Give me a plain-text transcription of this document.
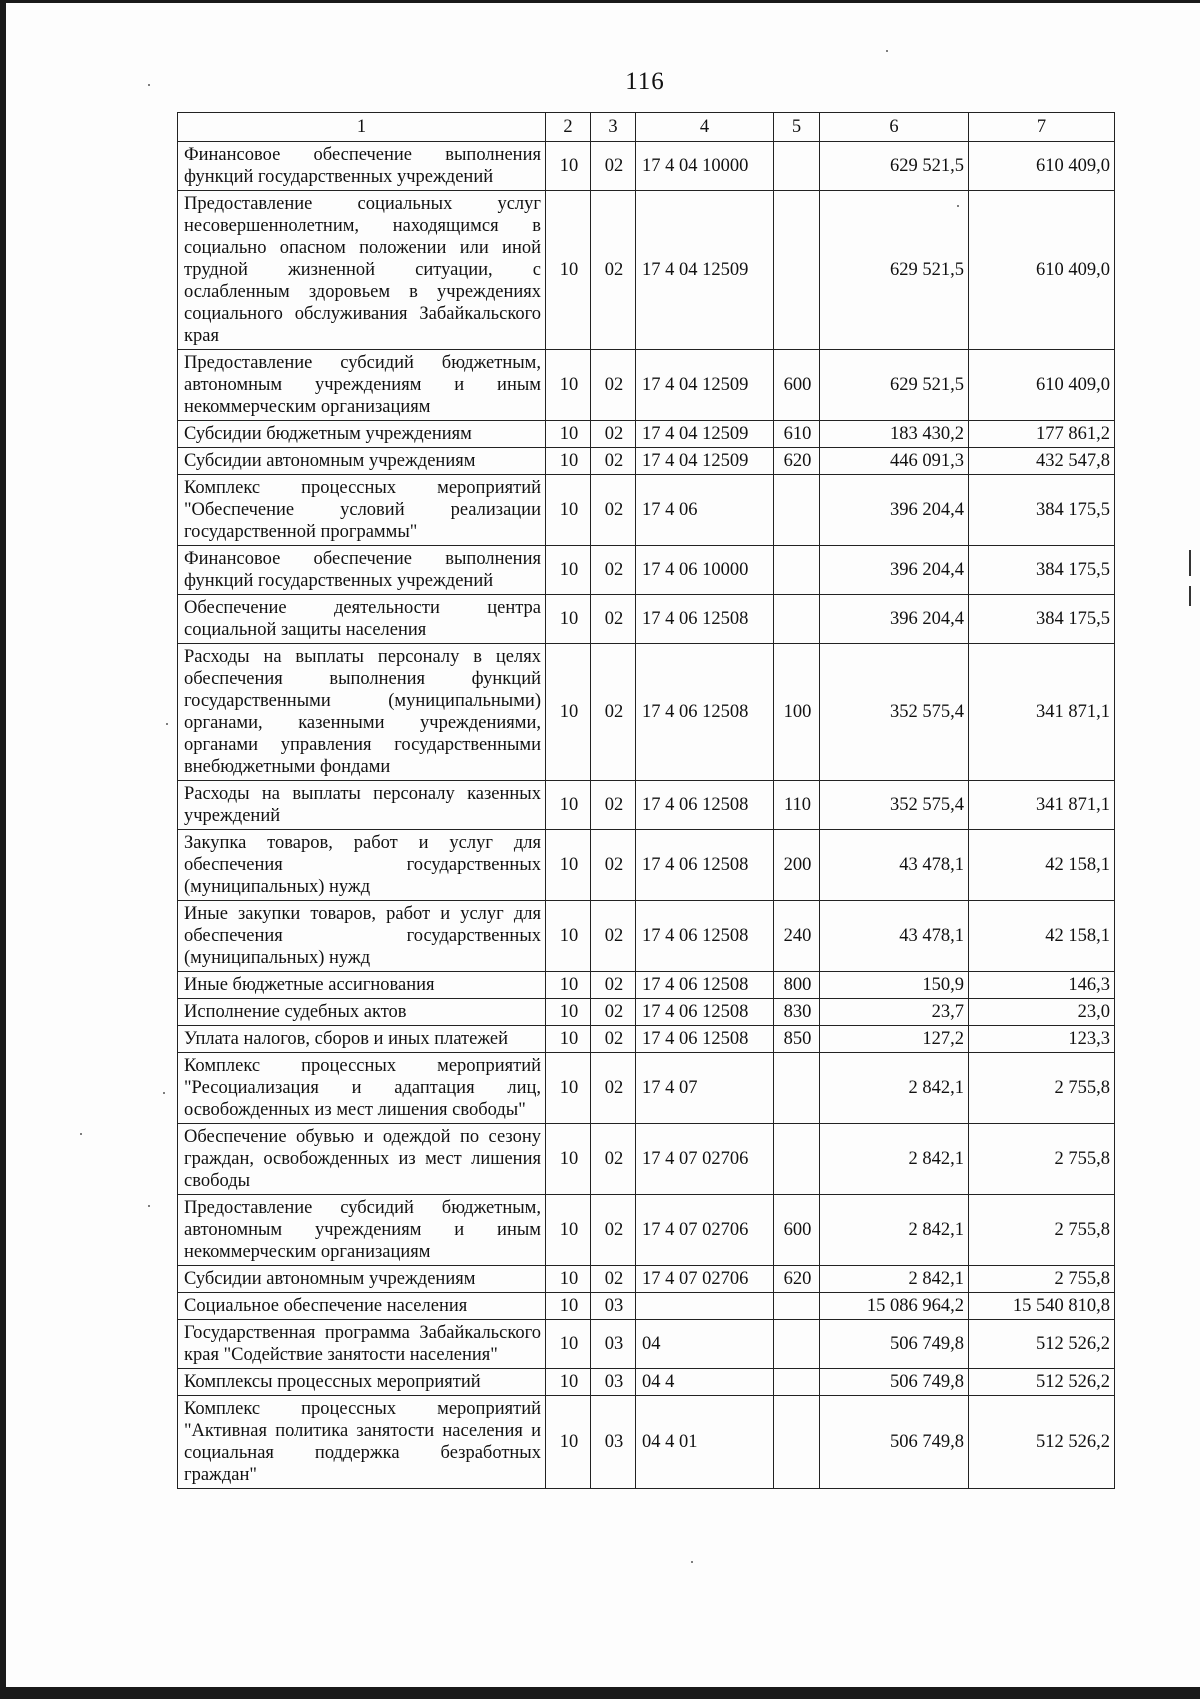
116
1	2	3	4	5	6	7
Финансовое обеспечение выполнения функций государственных учреждений	10	02	17 4 04 10000		629 521,5	610 409,0
Предоставление социальных услуг несовершеннолетним, находящимся в социально опасном положении или иной трудной жизненной ситуации, с ослабленным здоровьем в учреждениях социального обслуживания Забайкальского края	10	02	17 4 04 12509		629 521,5	610 409,0
Предоставление субсидий бюджетным, автономным учреждениям и иным некоммерческим организациям	10	02	17 4 04 12509	600	629 521,5	610 409,0
Субсидии бюджетным учреждениям	10	02	17 4 04 12509	610	183 430,2	177 861,2
Субсидии автономным учреждениям	10	02	17 4 04 12509	620	446 091,3	432 547,8
Комплекс процессных мероприятий "Обеспечение условий реализации государственной программы"	10	02	17 4 06		396 204,4	384 175,5
Финансовое обеспечение выполнения функций государственных учреждений	10	02	17 4 06 10000		396 204,4	384 175,5
Обеспечение деятельности центра социальной защиты населения	10	02	17 4 06 12508		396 204,4	384 175,5
Расходы на выплаты персоналу в целях обеспечения выполнения функций государственными (муниципальными) органами, казенными учреждениями, органами управления государственными внебюджетными фондами	10	02	17 4 06 12508	100	352 575,4	341 871,1
Расходы на выплаты персоналу казенных учреждений	10	02	17 4 06 12508	110	352 575,4	341 871,1
Закупка товаров, работ и услуг для обеспечения государственных (муниципальных) нужд	10	02	17 4 06 12508	200	43 478,1	42 158,1
Иные закупки товаров, работ и услуг для обеспечения государственных (муниципальных) нужд	10	02	17 4 06 12508	240	43 478,1	42 158,1
Иные бюджетные ассигнования	10	02	17 4 06 12508	800	150,9	146,3
Исполнение судебных актов	10	02	17 4 06 12508	830	23,7	23,0
Уплата налогов, сборов и иных платежей	10	02	17 4 06 12508	850	127,2	123,3
Комплекс процессных мероприятий "Ресоциализация и адаптация лиц, освобожденных из мест лишения свободы"	10	02	17 4 07		2 842,1	2 755,8
Обеспечение обувью и одеждой по сезону граждан, освобожденных из мест лишения свободы	10	02	17 4 07 02706		2 842,1	2 755,8
Предоставление субсидий бюджетным, автономным учреждениям и иным некоммерческим организациям	10	02	17 4 07 02706	600	2 842,1	2 755,8
Субсидии автономным учреждениям	10	02	17 4 07 02706	620	2 842,1	2 755,8
Социальное обеспечение населения	10	03			15 086 964,2	15 540 810,8
Государственная программа Забайкальского края "Содействие занятости населения"	10	03	04		506 749,8	512 526,2
Комплексы процессных мероприятий	10	03	04 4		506 749,8	512 526,2
Комплекс процессных мероприятий "Активная политика занятости населения и социальная поддержка безработных граждан"	10	03	04 4 01		506 749,8	512 526,2
